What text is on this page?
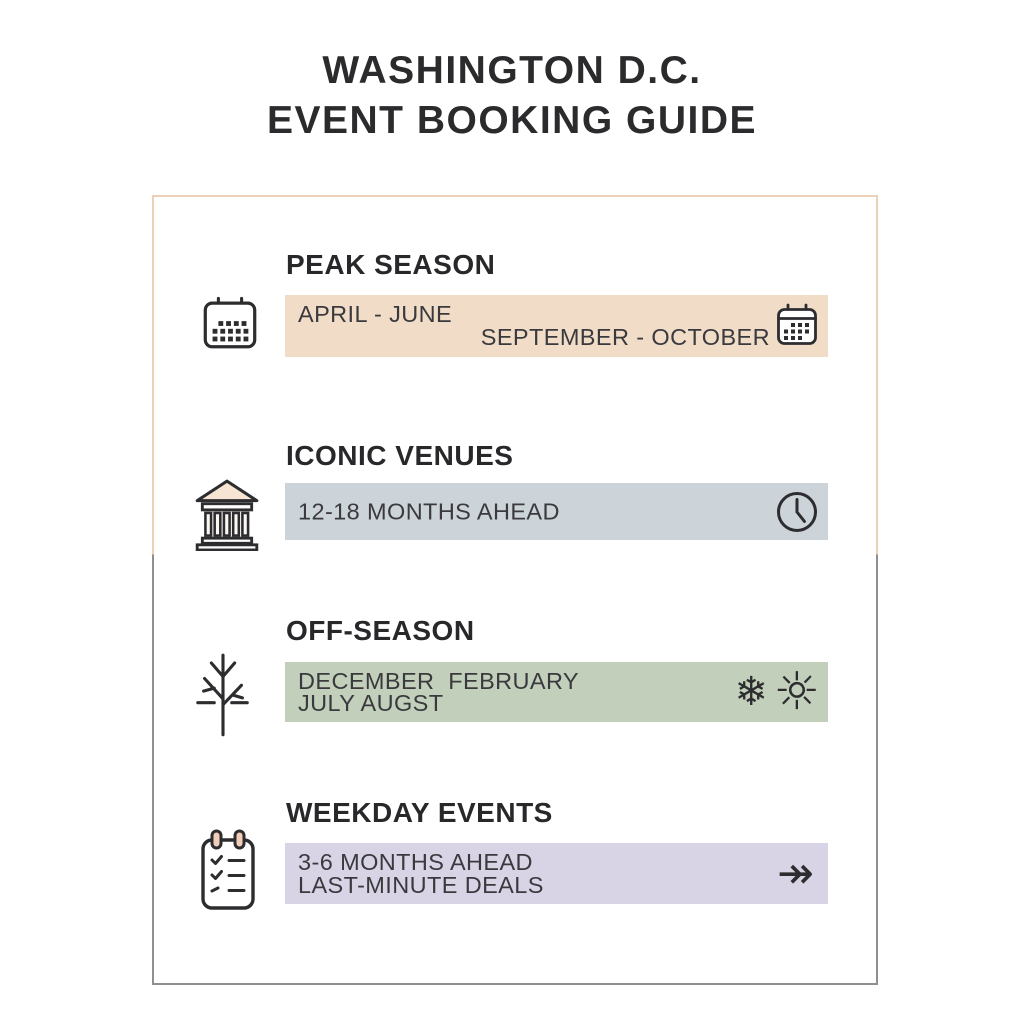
WASHINGTON D.C.
EVENT BOOKING GUIDE
PEAK SEASON
APRIL - JUNE
SEPTEMBER - OCTOBER
ICONIC VENUES
12-18 MONTHS AHEAD
OFF-SEASON
DECEMBER  FEBRUARY
JULY AUGST	❄ ☼
WEEKDAY EVENTS
3-6 MONTHS AHEAD
LAST-MINUTE DEALS	↠
